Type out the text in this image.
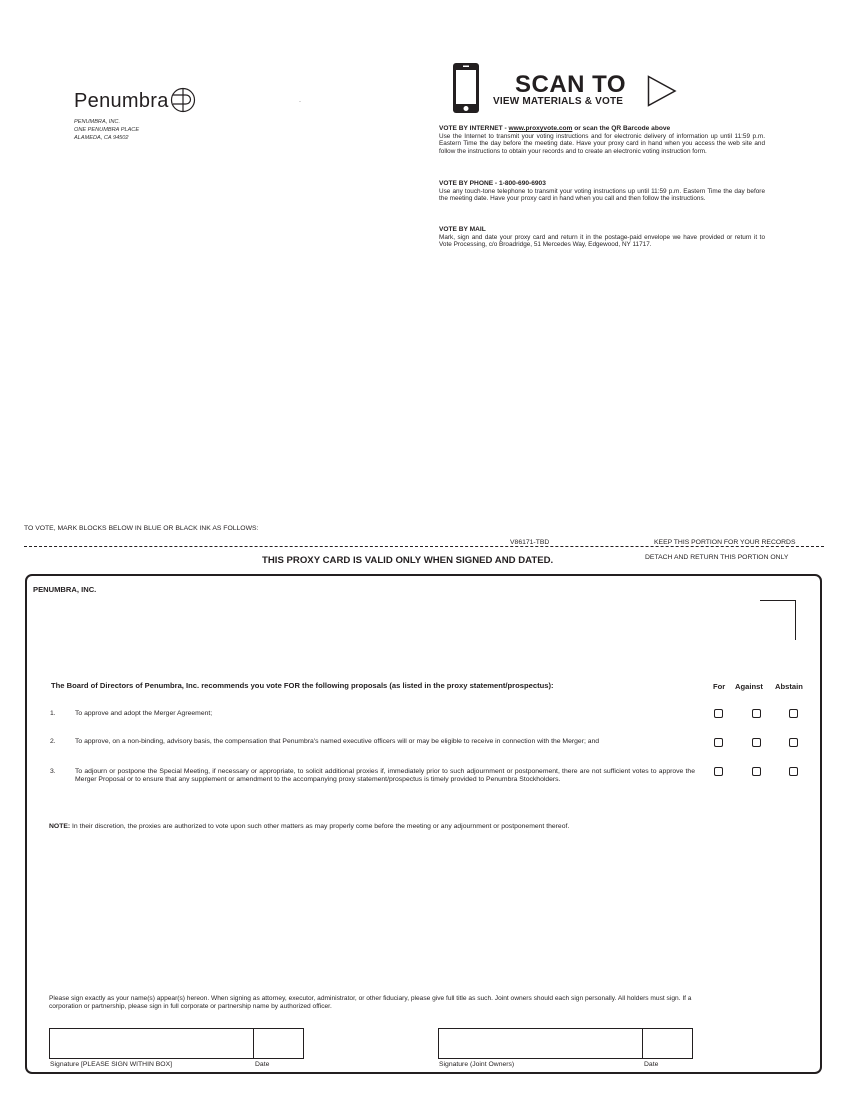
Penumbra
PENUMBRA, INC.
ONE PENUMBRA PLACE
ALAMEDA, CA 94502
·
SCAN TO
VIEW MATERIALS & VOTE
VOTE BY INTERNET - www.proxyvote.com or scan the QR Barcode above
Use the Internet to transmit your voting instructions and for electronic delivery of information up until 11:59 p.m. Eastern Time the day before the meeting date. Have your proxy card in hand when you access the web site and follow the instructions to obtain your records and to create an electronic voting instruction form.
VOTE BY PHONE - 1-800-690-6903
Use any touch-tone telephone to transmit your voting instructions up until 11:59 p.m. Eastern Time the day before the meeting date. Have your proxy card in hand when you call and then follow the instructions.
VOTE BY MAIL
Mark, sign and date your proxy card and return it in the postage-paid envelope we have provided or return it to Vote Processing, c/o Broadridge, 51 Mercedes Way, Edgewood, NY 11717.
TO VOTE, MARK BLOCKS BELOW IN BLUE OR BLACK INK AS FOLLOWS:
V86171-TBD	KEEP THIS PORTION FOR YOUR RECORDS
DETACH AND RETURN THIS PORTION ONLY
THIS PROXY CARD IS VALID ONLY WHEN SIGNED AND DATED.
PENUMBRA, INC.
The Board of Directors of Penumbra, Inc. recommends you vote FOR the following proposals (as listed in the proxy statement/prospectus):	For Against Abstain
1.	To approve and adopt the Merger Agreement;
2.	To approve, on a non-binding, advisory basis, the compensation that Penumbra's named executive officers will or may be eligible to receive in connection with the Merger; and
3.	To adjourn or postpone the Special Meeting, if necessary or appropriate, to solicit additional proxies if, immediately prior to such adjournment or postponement, there are not sufficient votes to approve the Merger Proposal or to ensure that any supplement or amendment to the accompanying proxy statement/prospectus is timely provided to Penumbra Stockholders.
NOTE: In their discretion, the proxies are authorized to vote upon such other matters as may properly come before the meeting or any adjournment or postponement thereof.
Please sign exactly as your name(s) appear(s) hereon. When signing as attorney, executor, administrator, or other fiduciary, please give full title as such. Joint owners should each sign personally. All holders must sign. If a corporation or partnership, please sign in full corporate or partnership name by authorized officer.
Signature [PLEASE SIGN WITHIN BOX]	Date	Signature (Joint Owners)	Date
